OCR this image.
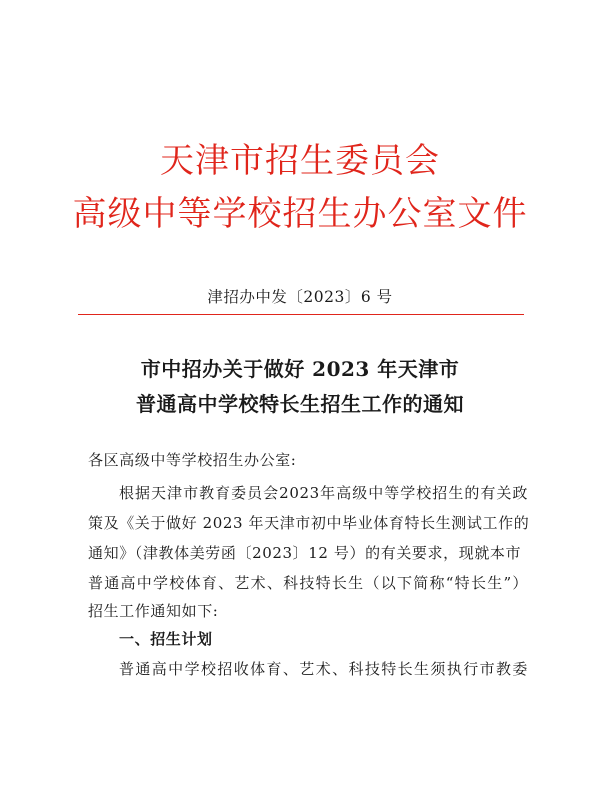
天津市招生委员会
高级中等学校招生办公室文件
津招办中发〔2023〕6 号
市中招办关于做好 2023 年天津市
普通高中学校特长生招生工作的通知
各区高级中等学校招生办公室:
根据天津市教育委员会2023年高级中等学校招生的有关政
策及《关于做好 2023 年天津市初中毕业体育特长生测试工作的
通知》（津教体美劳函〔2023〕12 号）的有关要求，现就本市
普通高中学校体育、艺术、科技特长生（以下简称“特长生”）
招生工作通知如下:
一、招生计划
普通高中学校招收体育、艺术、科技特长生须执行市教委
